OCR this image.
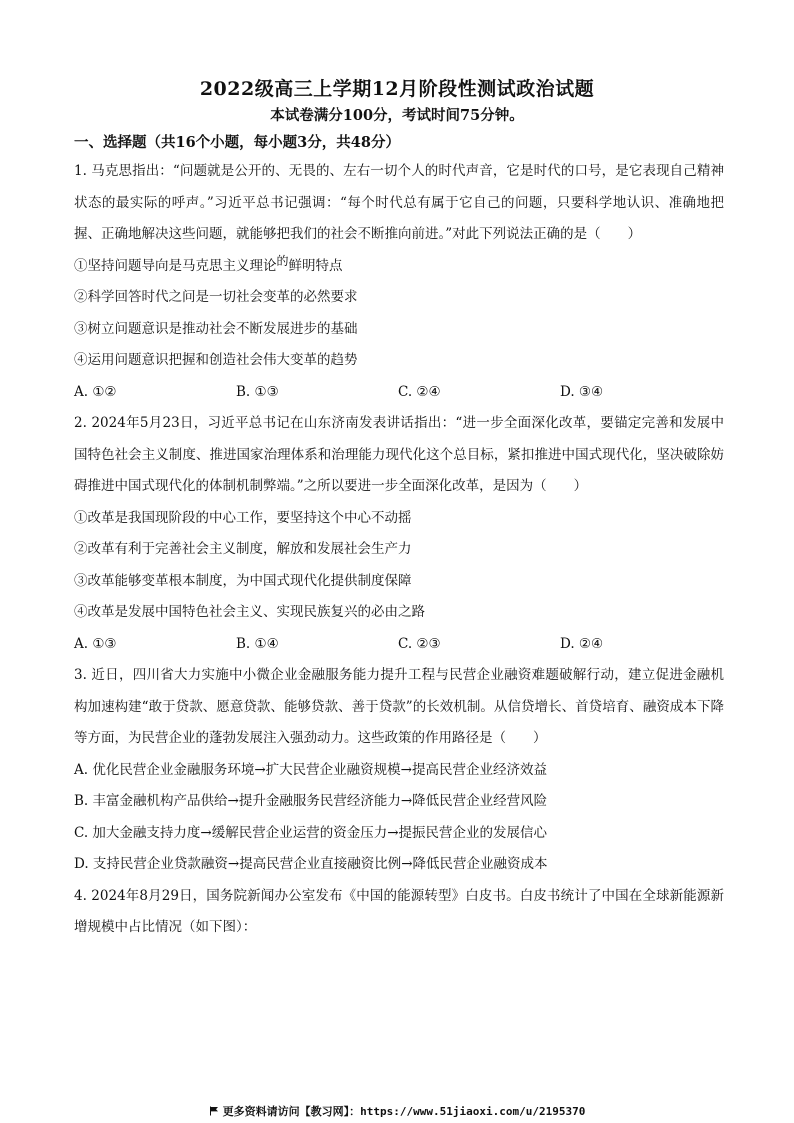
2022级高三上学期12月阶段性测试政治试题
本试卷满分100分，考试时间75分钟。
一、选择题（共16个小题，每小题3分，共48分）

1. 马克思指出：“问题就是公开的、无畏的、左右一切个人的时代声音，它是时代的口号，是它表现自己精神状态的最实际的呼声。”习近平总书记强调：“每个时代总有属于它自己的问题，只要科学地认识、准确地把握、正确地解决这些问题，就能够把我们的社会不断推向前进。”对此下列说法正确的是（　　）

①坚持问题导向是马克思主义理论的鲜明特点

②科学回答时代之问是一切社会变革的必然要求

③树立问题意识是推动社会不断发展进步的基础

④运用问题意识把握和创造社会伟大变革的趋势

A. ①②	B. ①③	C. ②④	D. ③④

2. 2024年5月23日，习近平总书记在山东济南发表讲话指出：“进一步全面深化改革，要锚定完善和发展中国特色社会主义制度、推进国家治理体系和治理能力现代化这个总目标，紧扣推进中国式现代化，坚决破除妨碍推进中国式现代化的体制机制弊端。”之所以要进一步全面深化改革，是因为（　　）

①改革是我国现阶段的中心工作，要坚持这个中心不动摇

②改革有利于完善社会主义制度，解放和发展社会生产力

③改革能够变革根本制度，为中国式现代化提供制度保障

④改革是发展中国特色社会主义、实现民族复兴的必由之路

A. ①③	B. ①④	C. ②③	D. ②④

3. 近日，四川省大力实施中小微企业金融服务能力提升工程与民营企业融资难题破解行动，建立促进金融机构加速构建“敢于贷款、愿意贷款、能够贷款、善于贷款”的长效机制。从信贷增长、首贷培育、融资成本下降等方面，为民营企业的蓬勃发展注入强劲动力。这些政策的作用路径是（　　）

A. 优化民营企业金融服务环境→扩大民营企业融资规模→提高民营企业经济效益

B. 丰富金融机构产品供给→提升金融服务民营经济能力→降低民营企业经营风险

C. 加大金融支持力度→缓解民营企业运营的资金压力→提振民营企业的发展信心

D. 支持民营企业贷款融资→提高民营企业直接融资比例→降低民营企业融资成本

4. 2024年8月29日，国务院新闻办公室发布《中国的能源转型》白皮书。白皮书统计了中国在全球新能源新增规模中占比情况（如下图）：

更多资料请访问【教习网】：https://www.51jiaoxi.com/u/2195370
